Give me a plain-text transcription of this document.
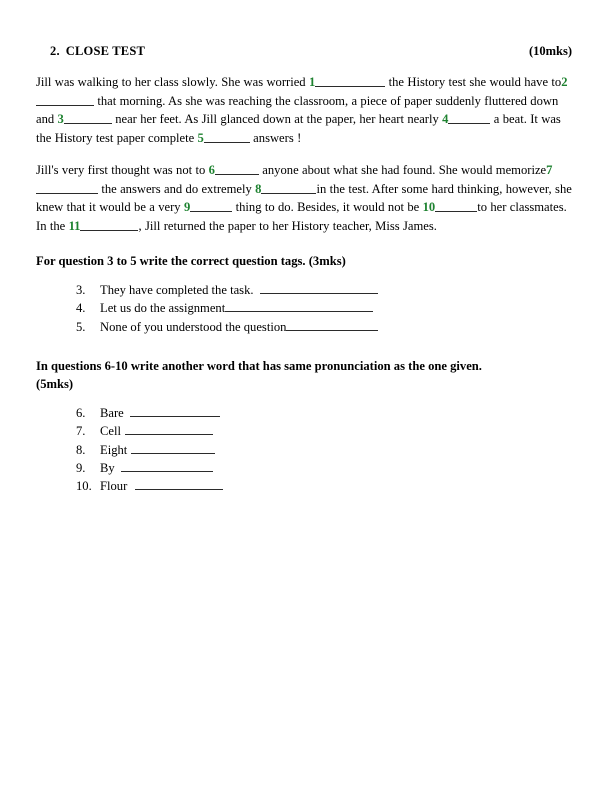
2. CLOSE TEST	(10mks)

Jill was walking to her class slowly. She was worried 1	the History test she would have to2 that morning. As she was reaching the classroom, a piece of paper suddenly fluttered down and 3	near her feet. As Jill glanced down at the paper, her heart nearly 4	a beat. It was the History test paper complete 5	answers !

Jill's very first thought was not to 6	anyone about what she had found. She would memorize7 the answers and do extremely 8	in the test. After some hard thinking, however, she knew that it would be a very 9	thing to do. Besides, it would not be 10	to her classmates. In the 11	, Jill returned the paper to her History teacher, Miss James.

For question 3 to 5 write the correct question tags. (3mks)
3.	They have completed the task.
4.	Let us do the assignment
5.	None of you understood the question
In questions 6-10 write another word that has same pronunciation as the one given. (5mks)
6.	Bare
7.	Cell
8.	Eight
9.	By
10. Flour
